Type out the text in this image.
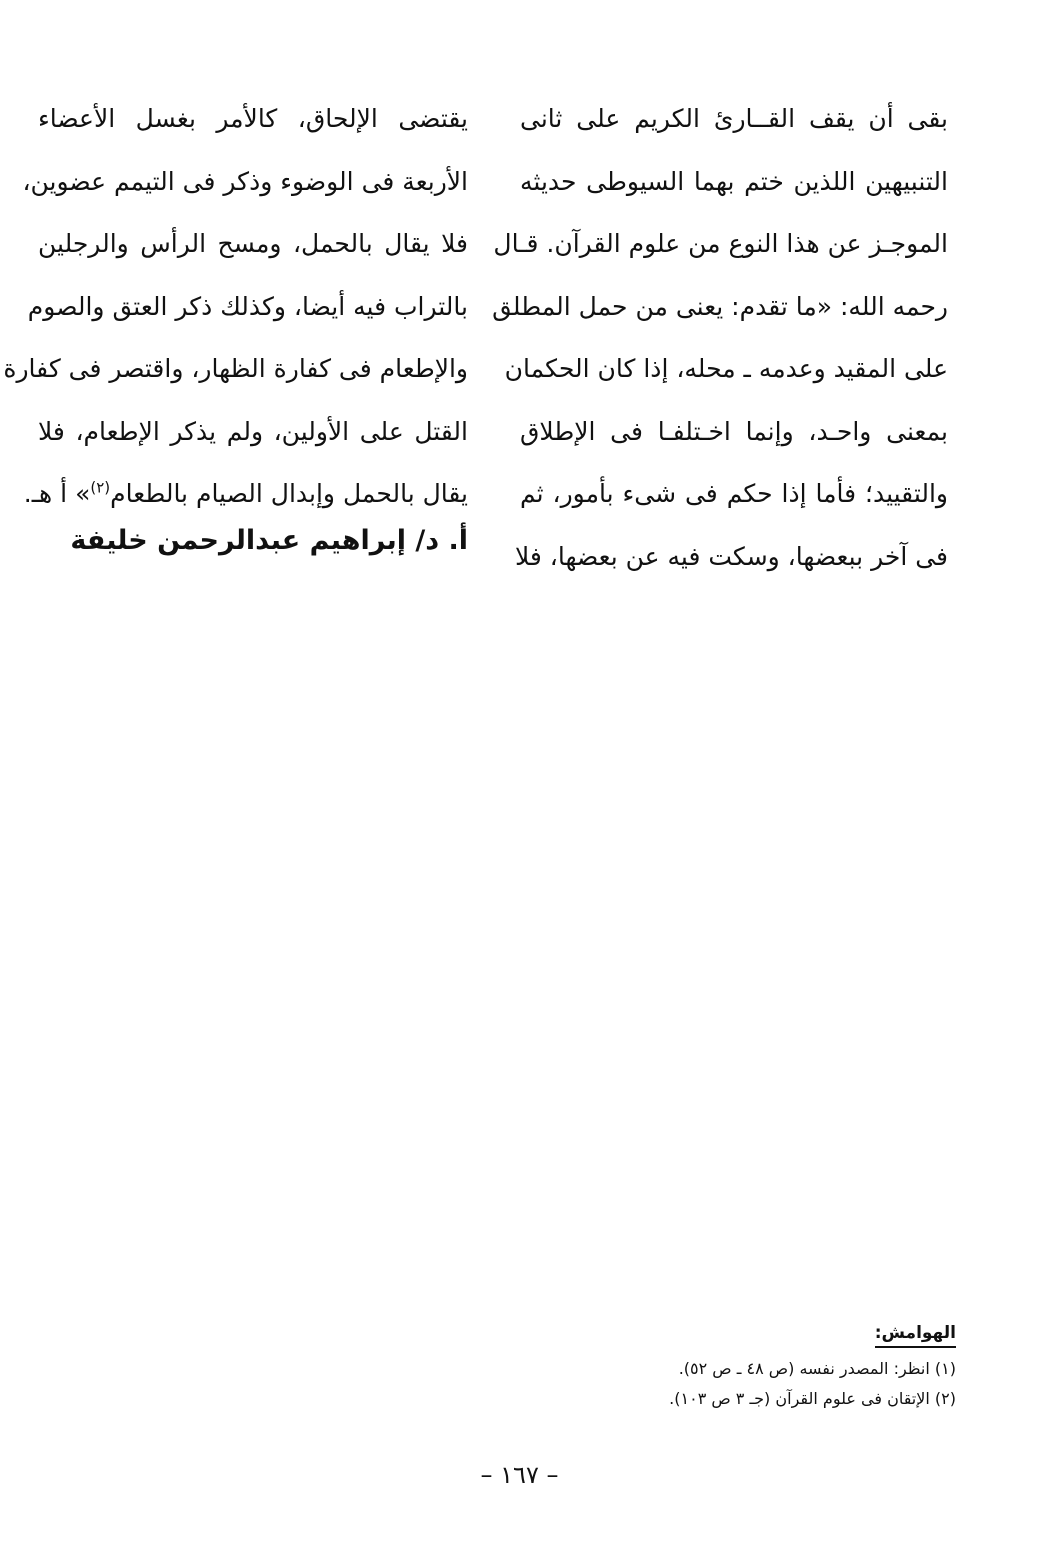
بقى أن يقف القــارئ الكريم على ثانى
التنبيهين اللذين ختم بهما السيوطى حديثه
الموجـز عن هذا النوع من علوم القرآن. قـال
رحمه الله: «ما تقدم: يعنى من حمل المطلق
على المقيد وعدمه ـ محله، إذا كان الحكمان
بمعنى واحـد، وإنما اخـتلفـا فى الإطلاق
والتقييد؛ فأما إذا حكم فى شىء بأمور، ثم
فى آخر ببعضها، وسكت فيه عن بعضها، فلا
يقتضى الإلحاق، كالأمر بغسل الأعضاء
الأربعة فى الوضوء وذكر فى التيمم عضوين،
فلا يقال بالحمل، ومسح الرأس والرجلين
بالتراب فيه أيضا، وكذلك ذكر العتق والصوم
والإطعام فى كفارة الظهار، واقتصر فى كفارة
القتل على الأولين، ولم يذكر الإطعام، فلا
يقال بالحمل وإبدال الصيام بالطعام$^{(٢)}$» أ هـ.
أ. د/ إبراهيم عبدالرحمن خليفة
الهوامش:
(١) انظر: المصدر نفسه (ص ٤٨ ـ ص ٥٢).
(٢) الإتقان فى علوم القرآن (جـ ٣ ص ١٠٣).
– ١٦٧ –
